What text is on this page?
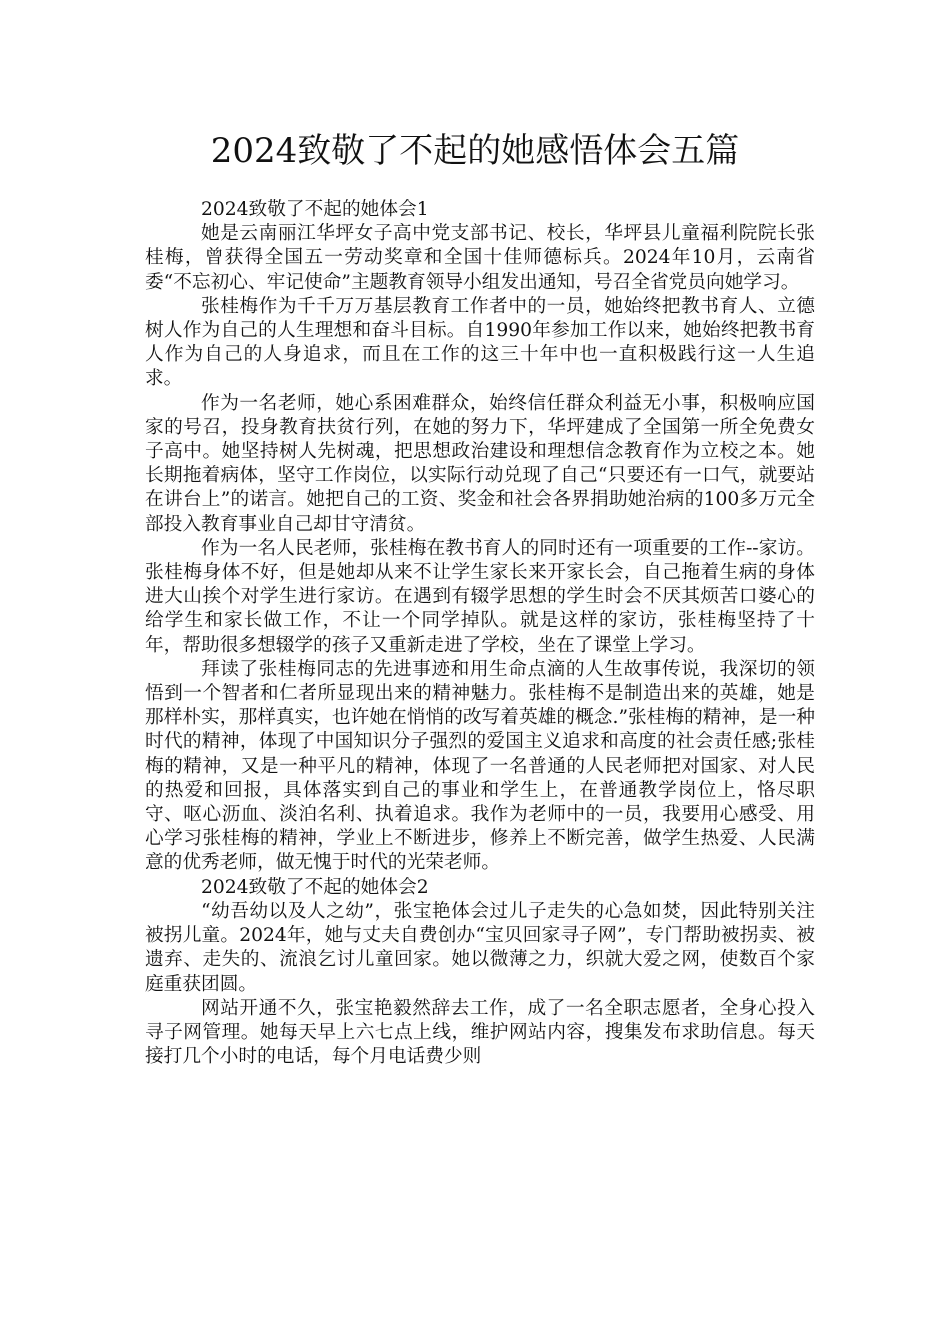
2024致敬了不起的她感悟体会五篇
2024致敬了不起的她体会1

她是云南丽江华坪女子高中党支部书记、校长，华坪县儿童福利院院长张桂梅，曾获得全国五一劳动奖章和全国十佳师德标兵。2024年10月，云南省委“不忘初心、牢记使命”主题教育领导小组发出通知，号召全省党员向她学习。

张桂梅作为千千万万基层教育工作者中的一员，她始终把教书育人、立德树人作为自己的人生理想和奋斗目标。自1990年参加工作以来，她始终把教书育人作为自己的人身追求，而且在工作的这三十年中也一直积极践行这一人生追求。

作为一名老师，她心系困难群众，始终信任群众利益无小事，积极响应国家的号召，投身教育扶贫行列，在她的努力下，华坪建成了全国第一所全免费女子高中。她坚持树人先树魂，把思想政治建设和理想信念教育作为立校之本。她长期拖着病体，坚守工作岗位，以实际行动兑现了自己“只要还有一口气，就要站在讲台上”的诺言。她把自己的工资、奖金和社会各界捐助她治病的100多万元全部投入教育事业自己却甘守清贫。

作为一名人民老师，张桂梅在教书育人的同时还有一项重要的工作--家访。张桂梅身体不好，但是她却从来不让学生家长来开家长会，自己拖着生病的身体进大山挨个对学生进行家访。在遇到有辍学思想的学生时会不厌其烦苦口婆心的给学生和家长做工作，不让一个同学掉队。就是这样的家访，张桂梅坚持了十年，帮助很多想辍学的孩子又重新走进了学校，坐在了课堂上学习。

拜读了张桂梅同志的先进事迹和用生命点滴的人生故事传说，我深切的领悟到一个智者和仁者所显现出来的精神魅力。张桂梅不是制造出来的英雄，她是那样朴实，那样真实，也许她在悄悄的改写着英雄的概念.”张桂梅的精神，是一种时代的精神，体现了中国知识分子强烈的爱国主义追求和高度的社会责任感;张桂梅的精神，又是一种平凡的精神，体现了一名普通的人民老师把对国家、对人民的热爱和回报，具体落实到自己的事业和学生上，在普通教学岗位上，恪尽职守、呕心沥血、淡泊名利、执着追求。我作为老师中的一员，我要用心感受、用心学习张桂梅的精神，学业上不断进步，修养上不断完善，做学生热爱、人民满意的优秀老师，做无愧于时代的光荣老师。

2024致敬了不起的她体会2

“幼吾幼以及人之幼”，张宝艳体会过儿子走失的心急如焚，因此特别关注被拐儿童。2024年，她与丈夫自费创办“宝贝回家寻子网”，专门帮助被拐卖、被遗弃、走失的、流浪乞讨儿童回家。她以微薄之力，织就大爱之网，使数百个家庭重获团圆。

网站开通不久，张宝艳毅然辞去工作，成了一名全职志愿者，全身心投入寻子网管理。她每天早上六七点上线，维护网站内容，搜集发布求助信息。每天接打几个小时的电话，每个月电话费少则
